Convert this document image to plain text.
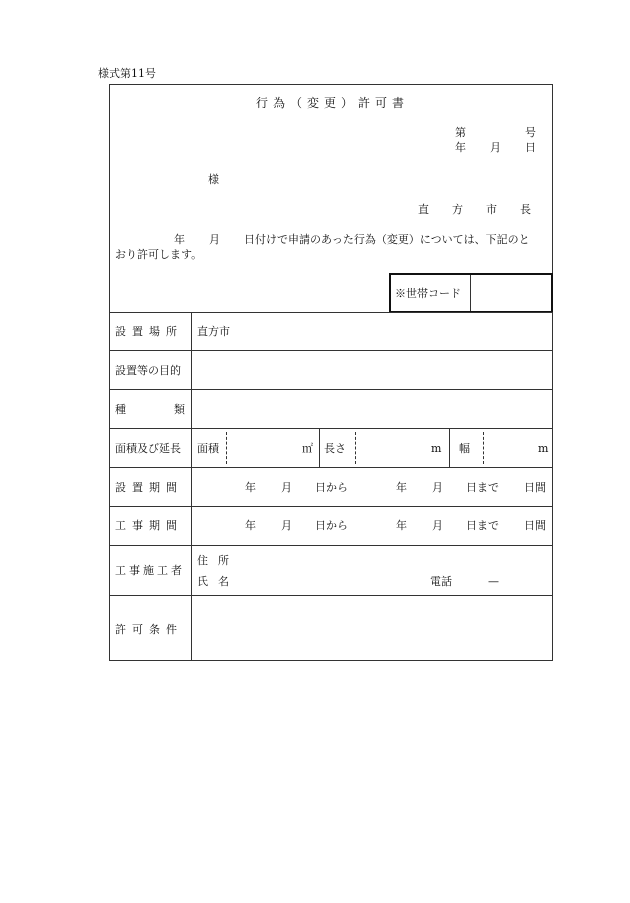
様式第11号
行為（変更）許可書
第	号
年 月 日
様
直方市長
年 月 日付けで申請のあった行為（変更）については、下記のと
おり許可します。
※世帯コード
設置場所 直方市
設置等の目的
種類
面積及び延長 面積	㎡ 長さ	m 幅	m
設置期間	年 月 日から	年 月 日まで 日間
工事期間	年 月 日から	年 月 日まで 日間
工事施工者
住所
氏名	電話	—
許可条件
